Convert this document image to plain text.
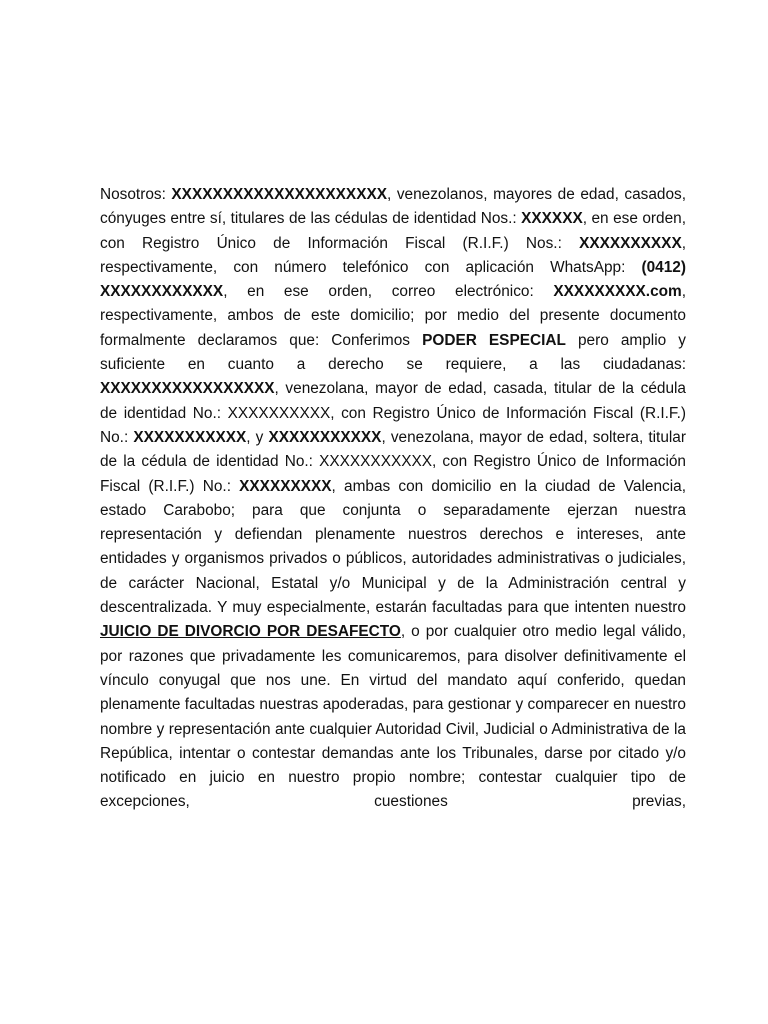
Nosotros: XXXXXXXXXXXXXXXXXXXXX, venezolanos, mayores de edad, casados, cónyuges entre sí, titulares de las cédulas de identidad Nos.: XXXXXX, en ese orden, con Registro Único de Información Fiscal (R.I.F.) Nos.: XXXXXXXXXX, respectivamente, con número telefónico con aplicación WhatsApp: (0412) XXXXXXXXXXXX, en ese orden, correo electrónico: XXXXXXXXX.com, respectivamente, ambos de este domicilio; por medio del presente documento formalmente declaramos que: Conferimos PODER ESPECIAL pero amplio y suficiente en cuanto a derecho se requiere, a las ciudadanas: XXXXXXXXXXXXXXXXX, venezolana, mayor de edad, casada, titular de la cédula de identidad No.: XXXXXXXXXX, con Registro Único de Información Fiscal (R.I.F.) No.: XXXXXXXXXXX, y XXXXXXXXXXX, venezolana, mayor de edad, soltera, titular de la cédula de identidad No.: XXXXXXXXXXX, con Registro Único de Información Fiscal (R.I.F.) No.: XXXXXXXXX, ambas con domicilio en la ciudad de Valencia, estado Carabobo; para que conjunta o separadamente ejerzan nuestra representación y defiendan plenamente nuestros derechos e intereses, ante entidades y organismos privados o públicos, autoridades administrativas o judiciales, de carácter Nacional, Estatal y/o Municipal y de la Administración central y descentralizada. Y muy especialmente, estarán facultadas para que intenten nuestro JUICIO DE DIVORCIO POR DESAFECTO, o por cualquier otro medio legal válido, por razones que privadamente les comunicaremos, para disolver definitivamente el vínculo conyugal que nos une. En virtud del mandato aquí conferido, quedan plenamente facultadas nuestras apoderadas, para gestionar y comparecer en nuestro nombre y representación ante cualquier Autoridad Civil, Judicial o Administrativa de la República, intentar o contestar demandas ante los Tribunales, darse por citado y/o notificado en juicio en nuestro propio nombre; contestar cualquier tipo de excepciones, cuestiones previas,
